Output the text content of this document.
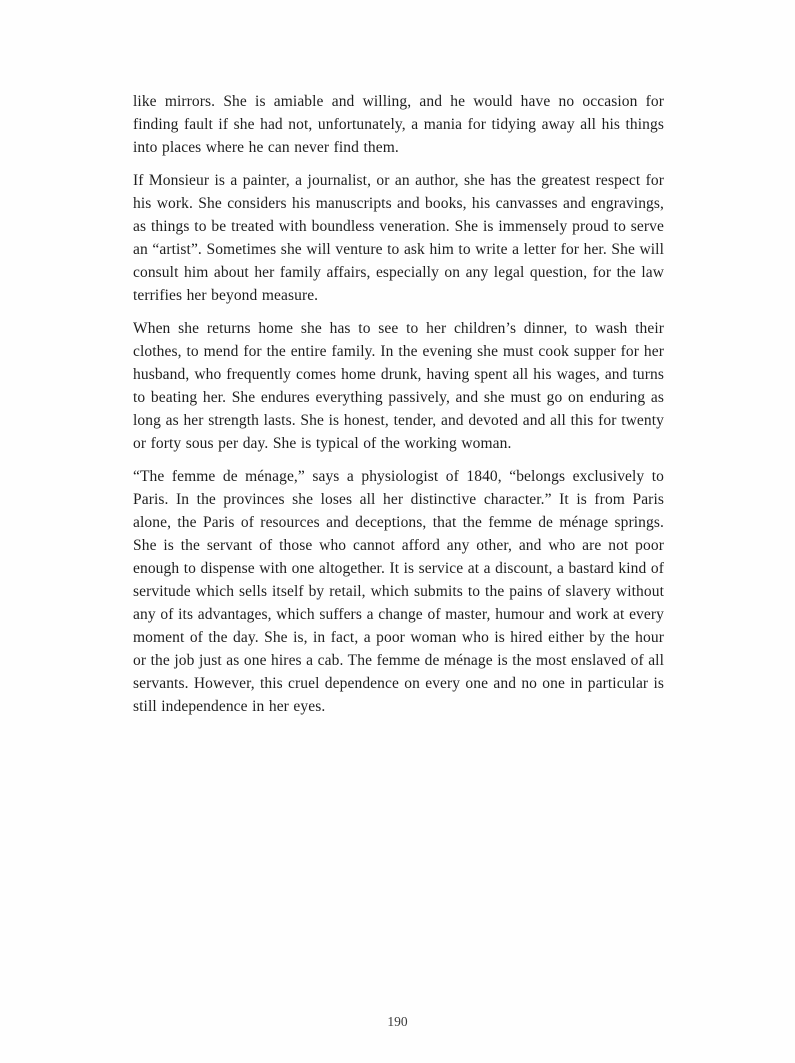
like mirrors. She is amiable and willing, and he would have no occasion for finding fault if she had not, unfortunately, a mania for tidying away all his things into places where he can never find them.

If Monsieur is a painter, a journalist, or an author, she has the greatest respect for his work. She considers his manuscripts and books, his canvasses and engravings, as things to be treated with boundless veneration. She is immensely proud to serve an “artist”. Sometimes she will venture to ask him to write a letter for her. She will consult him about her family affairs, especially on any legal question, for the law terrifies her beyond measure.

When she returns home she has to see to her children’s dinner, to wash their clothes, to mend for the entire family. In the evening she must cook supper for her husband, who frequently comes home drunk, having spent all his wages, and turns to beating her. She endures everything passively, and she must go on enduring as long as her strength lasts. She is honest, tender, and devoted and all this for twenty or forty sous per day. She is typical of the working woman.

“The femme de ménage,” says a physiologist of 1840, “belongs exclusively to Paris. In the provinces she loses all her distinctive character.” It is from Paris alone, the Paris of resources and deceptions, that the femme de ménage springs. She is the servant of those who cannot afford any other, and who are not poor enough to dispense with one altogether. It is service at a discount, a bastard kind of servitude which sells itself by retail, which submits to the pains of slavery without any of its advantages, which suffers a change of master, humour and work at every moment of the day. She is, in fact, a poor woman who is hired either by the hour or the job just as one hires a cab. The femme de ménage is the most enslaved of all servants. However, this cruel dependence on every one and no one in particular is still independence in her eyes.

190
